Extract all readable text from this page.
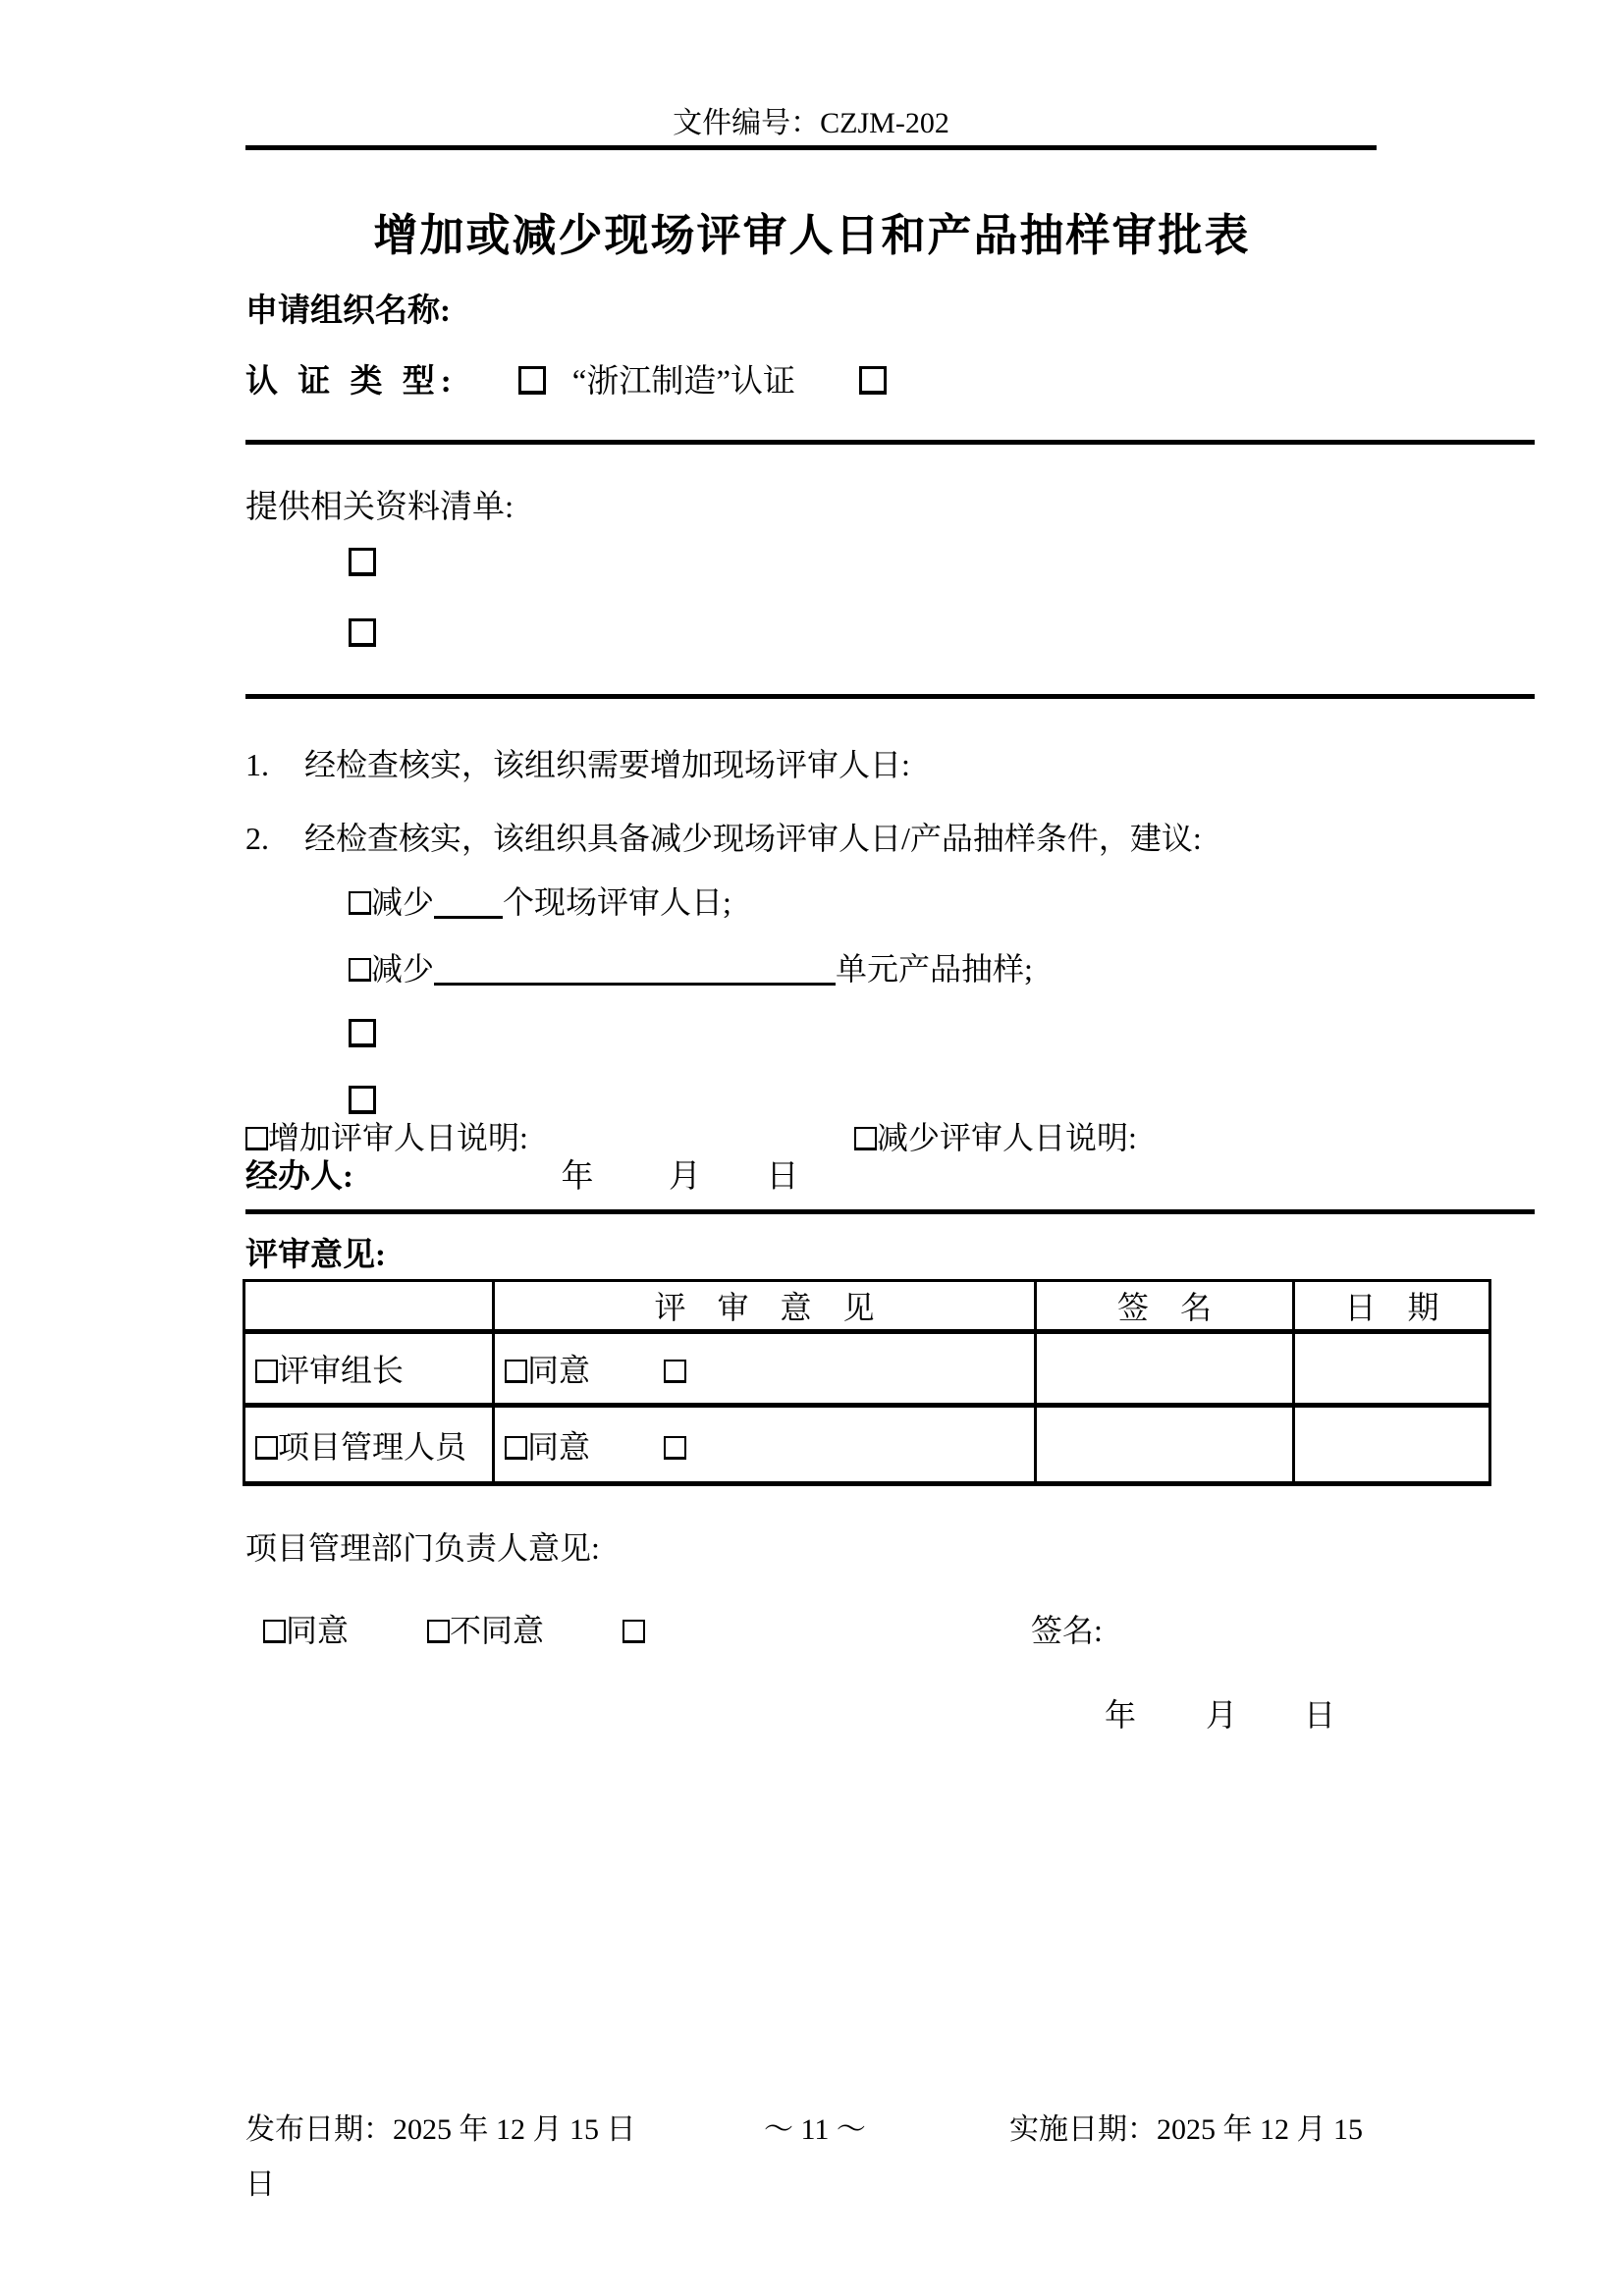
文件编号：CZJM-202
增加或减少现场评审人日和产品抽样审批表
申请组织名称:
认 证 类 型:	“浙江制造”认证
提供相关资料清单:
1. 经检查核实，该组织需要增加现场评审人日:
2. 经检查核实，该组织具备减少现场评审人日/产品抽样条件，建议:
减少 个现场评审人日;
减少	单元产品抽样;
增加评审人日说明:	减少评审人日说明:
经办人:	年 月 日
评审意见:
	评　审　意　见	签　名	日　期
评审组长	同意		
项目管理人员	同意		
项目管理部门负责人意见:
同意	不同意	签名:
年 月 日
发布日期：2025 年 12 月 15 日	～ 11 ～	实施日期：2025 年 12 月 15
日
